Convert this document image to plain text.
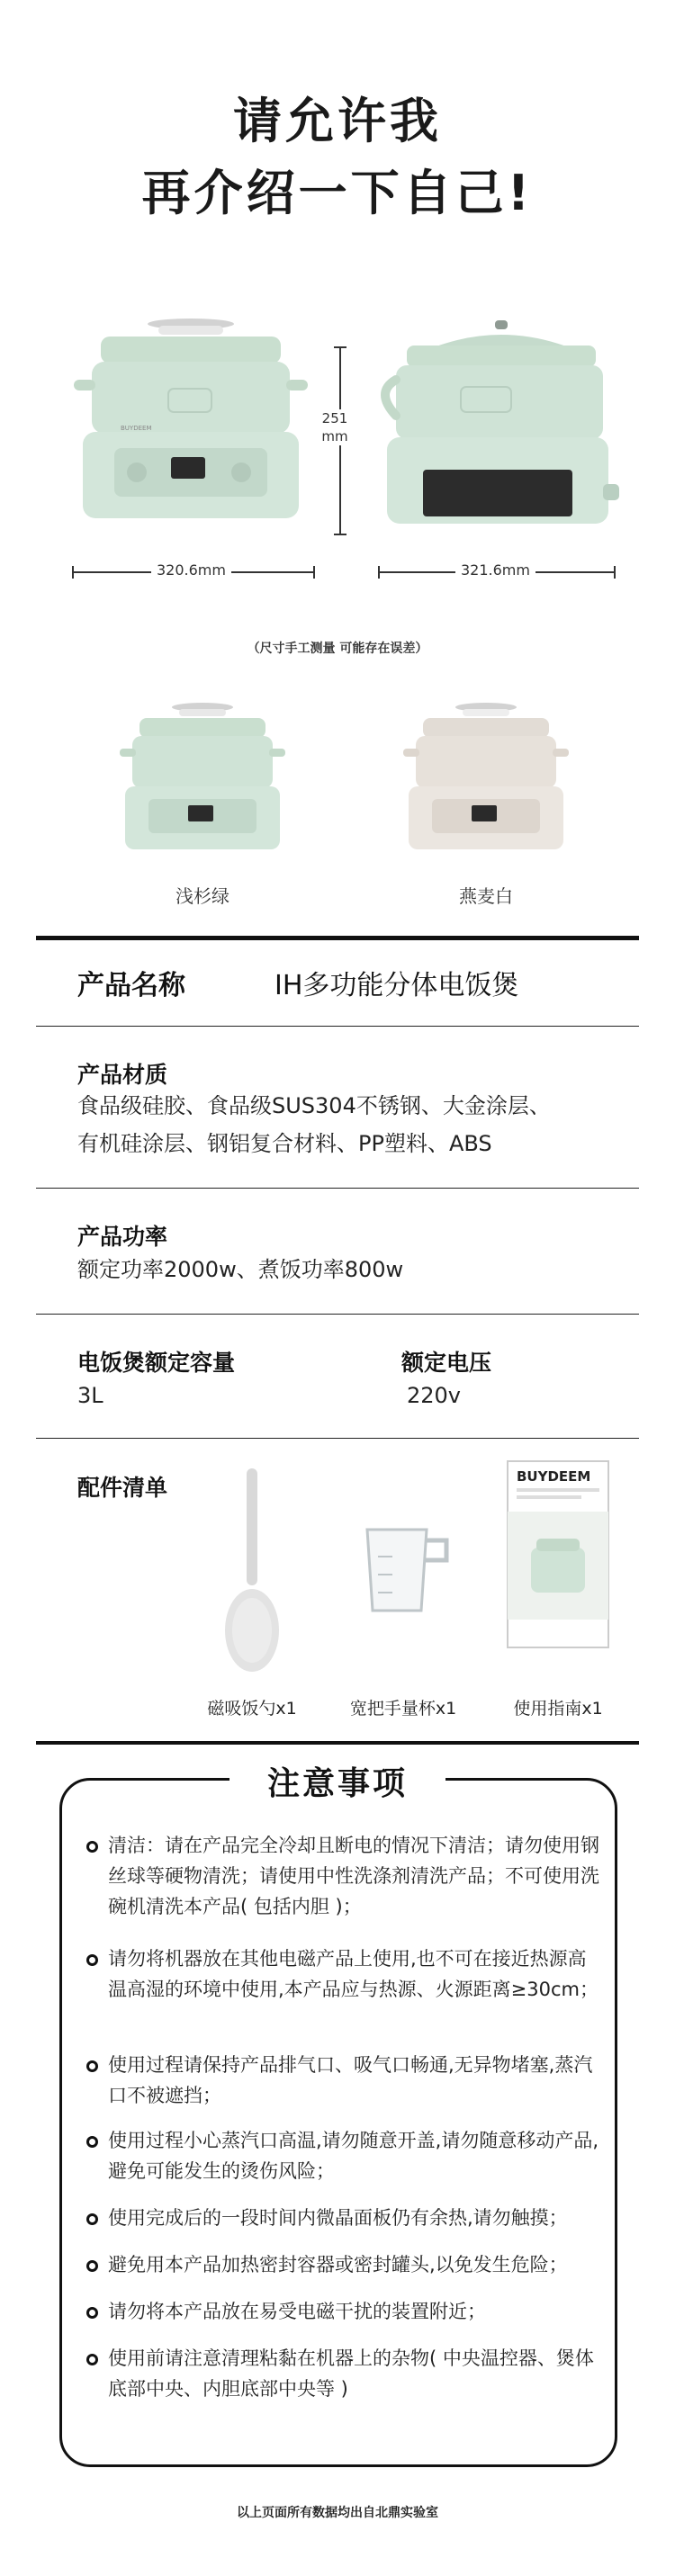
请允许我
再介绍一下自己!
BUYDEEM
251
mm
320.6mm	321.6mm
（尺寸手工测量 可能存在误差）
浅杉绿	燕麦白
产品名称	IH多功能分体电饭煲
产品材质
食品级硅胶、食品级SUS304不锈钢、大金涂层、
有机硅涂层、钢铝复合材料、PP塑料、ABS
产品功率
额定功率2000w、煮饭功率800w
电饭煲额定容量
3L
额定电压
220v
配件清单	BUYDEEM
磁吸饭勺x1	宽把手量杯x1	使用指南x1
注意事项
清洁：请在产品完全冷却且断电的情况下清洁；请勿使用钢丝球等硬物清洗；请使用中性洗涤剂清洗产品；不可使用洗碗机清洗本产品( 包括内胆 )；
请勿将机器放在其他电磁产品上使用,也不可在接近热源高温高湿的环境中使用,本产品应与热源、火源距离≥30cm；
使用过程请保持产品排气口、吸气口畅通,无异物堵塞,蒸汽口不被遮挡；
使用过程小心蒸汽口高温,请勿随意开盖,请勿随意移动产品,避免可能发生的烫伤风险；
使用完成后的一段时间内微晶面板仍有余热,请勿触摸；
避免用本产品加热密封容器或密封罐头,以免发生危险；
请勿将本产品放在易受电磁干扰的装置附近；
使用前请注意清理粘黏在机器上的杂物( 中央温控器、煲体底部中央、内胆底部中央等 )
以上页面所有数据均出自北鼎实验室
